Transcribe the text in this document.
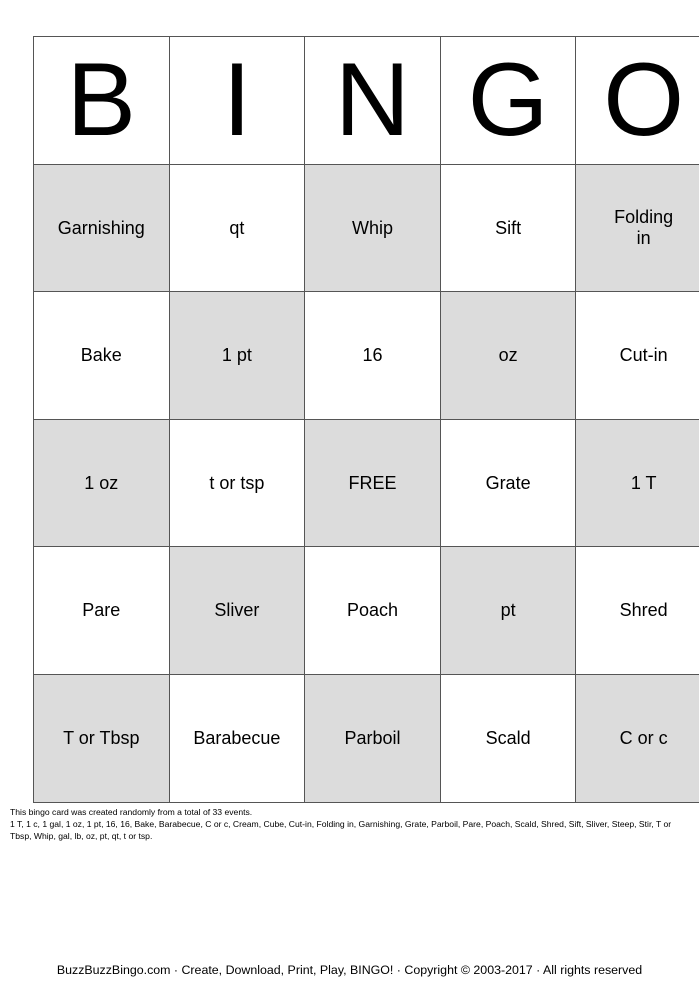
B	I	N	G	O
Garnishing	qt	Whip	Sift	Folding in
Bake	1 pt	16	oz	Cut-in
1 oz	t or tsp	FREE	Grate	1 T
Pare	Sliver	Poach	pt	Shred
T or Tbsp	Barabecue	Parboil	Scald	C or c

This bingo card was created randomly from a total of 33 events.

1 T, 1 c, 1 gal, 1 oz, 1 pt, 16, 16, Bake, Barabecue, C or c, Cream, Cube, Cut-in, Folding in, Garnishing, Grate, Parboil, Pare, Poach, Scald, Shred, Sift, Sliver, Steep, Stir, T or Tbsp, Whip, gal, lb, oz, pt, qt, t or tsp.

BuzzBuzzBingo.com · Create, Download, Print, Play, BINGO! · Copyright © 2003-2017 · All rights reserved
